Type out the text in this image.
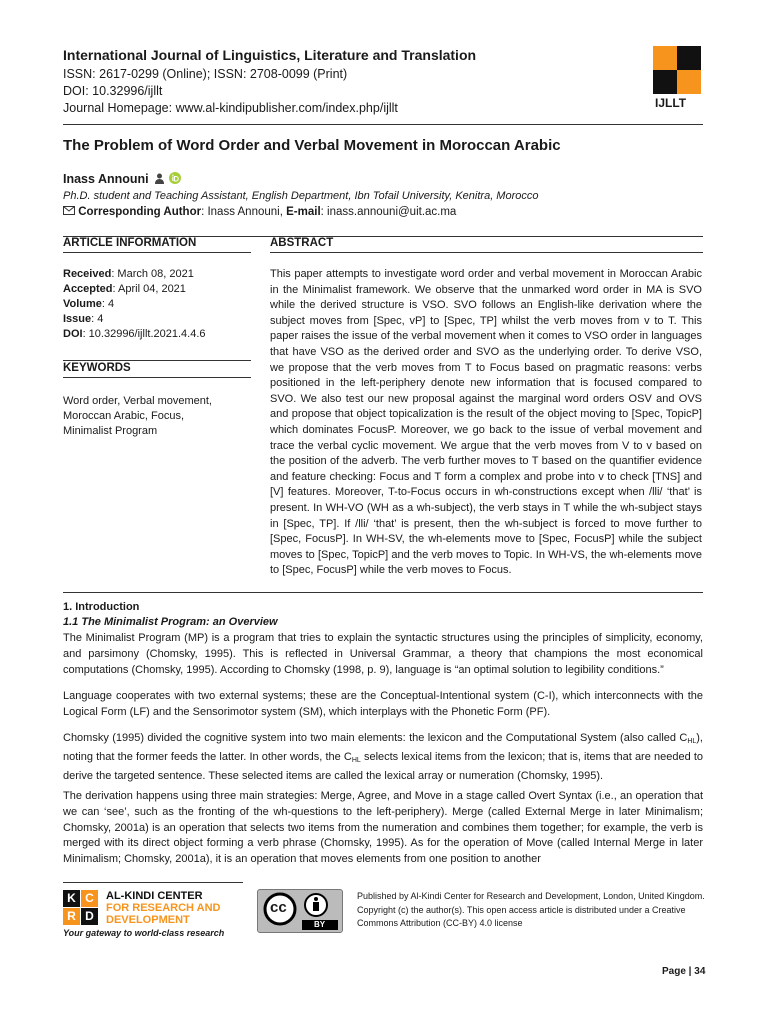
International Journal of Linguistics, Literature and Translation
ISSN: 2617-0299 (Online); ISSN: 2708-0099 (Print)
DOI: 10.32996/ijllt
Journal Homepage: www.al-kindipublisher.com/index.php/ijllt	IJLLT
The Problem of Word Order and Verbal Movement in Moroccan Arabic
Inass Announi
Ph.D. student and Teaching Assistant, English Department, Ibn Tofail University, Kenitra, Morocco
Corresponding Author: Inass Announi, E-mail: inass.announi@uit.ac.ma
ARTICLE INFORMATION	ABSTRACT
Received: March 08, 2021
Accepted: April 04, 2021
Volume: 4
Issue: 4
DOI: 10.32996/ijllt.2021.4.4.6
KEYWORDS
Word order, Verbal movement,
Moroccan Arabic, Focus,
Minimalist Program
This paper attempts to investigate word order and verbal movement in Moroccan Arabic in the Minimalist framework. We observe that the unmarked word order in MA is SVO while the derived structure is VSO. SVO follows an English-like derivation where the subject moves from [Spec, vP] to [Spec, TP] whilst the verb moves from v to T. This paper raises the issue of the verbal movement when it comes to VSO order in languages that have VSO as the derived order and SVO as the underlying order. To derive VSO, we propose that the verb moves from T to Focus based on pragmatic reasons: verbs positioned in the left-periphery denote new information that is focused compared to SVO. We also test our new proposal against the marginal word orders OSV and OVS and propose that object topicalization is the result of the object moving to [Spec, TopicP] which dominates FocusP. Moreover, we go back to the issue of verbal movement and trace the verbal cyclic movement. We argue that the verb moves from V to v based on the position of the adverb. The verb further moves to T based on the quantifier evidence and feature checking: Focus and T form a complex and probe into v to check [TNS] and [V] features. Moreover, T-to-Focus occurs in wh-constructions except when /lli/ ‘that’ is present. In WH-VO (WH as a wh-subject), the verb stays in T while the wh-subject stays in [Spec, TP]. If /lli/ ‘that’ is present, then the wh-subject is forced to move further to [Spec, FocusP]. In WH-SV, the wh-elements move to [Spec, FocusP] while the subject moves to [Spec, TopicP] and the verb moves to Topic. In WH-VS, the wh-elements move to [Spec, FocusP] while the verb moves to Focus.
1. Introduction
1.1 The Minimalist Program: an Overview
The Minimalist Program (MP) is a program that tries to explain the syntactic structures using the principles of simplicity, economy, and parsimony (Chomsky, 1995). This is reflected in Universal Grammar, a theory that champions the most economical computations (Chomsky, 1995). According to Chomsky (1998, p. 9), language is “an optimal solution to legibility conditions.”
Language cooperates with two external systems; these are the Conceptual-Intentional system (C-I), which interconnects with the Logical Form (LF) and the Sensorimotor system (SM), which interplays with the Phonetic Form (PF).
Chomsky (1995) divided the cognitive system into two main elements: the lexicon and the Computational System (also called $C_{HL}$), noting that the former feeds the latter. In other words, the $C_{HL}$ selects lexical items from the lexicon; that is, items that are needed to derive the targeted sentence. These selected items are called the lexical array or numeration (Chomsky, 1995).
The derivation happens using three main strategies: Merge, Agree, and Move in a stage called Overt Syntax (i.e., an operation that we can ‘see’, such as the fronting of the wh-questions to the left-periphery). Merge (called External Merge in later Minimalism; Chomsky, 2001a) is an operation that selects two items from the numeration and combines them together; for example, the verb is merged with its direct object forming a verb phrase (Chomsky, 1995). As for the operation of Move (called Internal Merge in later Minimalism; Chomsky, 2001a), it is an operation that moves elements from one position to another
K C
R D
AL-KINDI CENTER
FOR RESEARCH AND
DEVELOPMENT
Your gateway to world-class research
cc
BY
Published by Al-Kindi Center for Research and Development, London, United Kingdom. Copyright (c) the author(s). This open access article is distributed under a Creative Commons Attribution (CC-BY) 4.0 license
Page | 34
